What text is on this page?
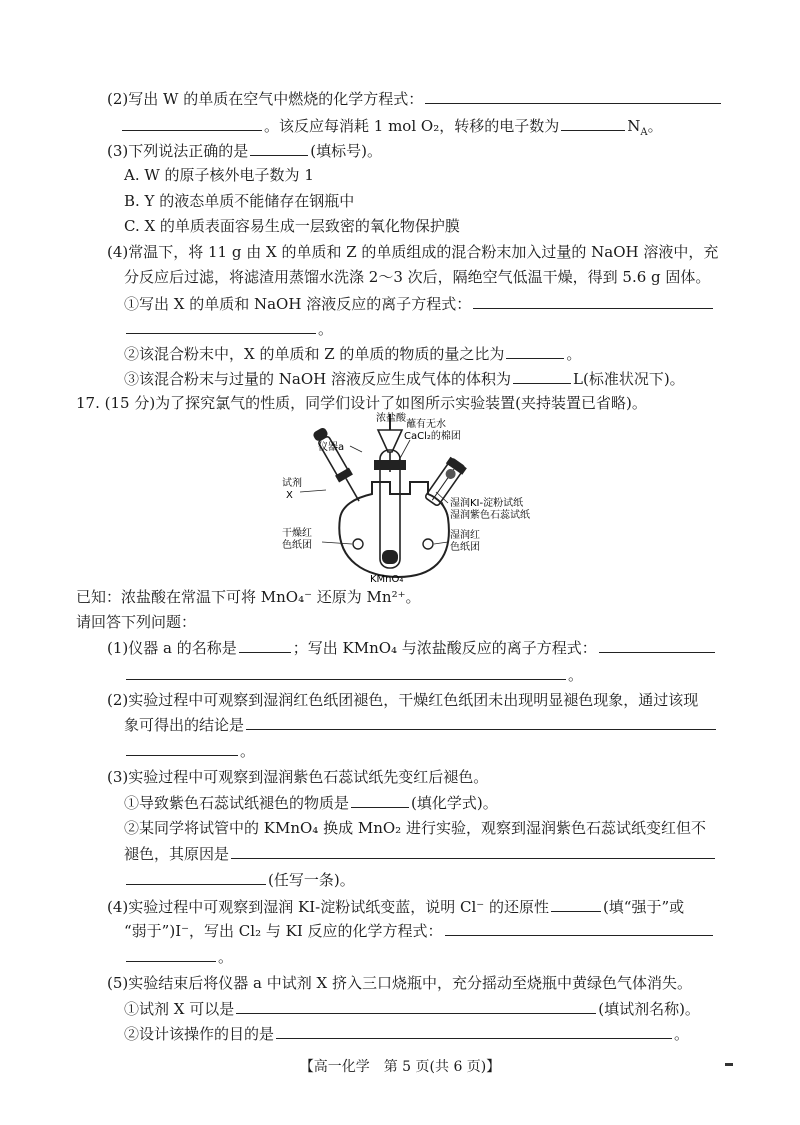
(2)写出 W 的单质在空气中燃烧的化学方程式：
。该反应每消耗 1 mol O₂，转移的电子数为	$N_A$。
(3)下列说法正确的是	(填标号)。
A. W 的原子核外电子数为 1
B. Y 的液态单质不能储存在钢瓶中
C. X 的单质表面容易生成一层致密的氧化物保护膜
(4)常温下，将 11 g 由 X 的单质和 Z 的单质组成的混合粉末加入过量的 NaOH 溶液中，充
分反应后过滤，将滤渣用蒸馏水洗涤 2～3 次后，隔绝空气低温干燥，得到 5.6 g 固体。
①写出 X 的单质和 NaOH 溶液反应的离子方程式：
。
②该混合粉末中，X 的单质和 Z 的单质的物质的量之比为	。
③该混合粉末与过量的 NaOH 溶液反应生成气体的体积为	L(标准状况下)。
17. (15 分)为了探究氯气的性质，同学们设计了如图所示实验装置(夹持装置已省略)。
浓盐酸
仪器a
蘸有无水
CaCl₂的棉团
试剂
X
湿润KI-淀粉试纸
湿润紫色石蕊试纸
干燥红
色纸团
湿润红
色纸团
KMnO₄
已知：浓盐酸在常温下可将 MnO₄⁻ 还原为 Mn²⁺。
请回答下列问题：
(1)仪器 a 的名称是	；写出 KMnO₄ 与浓盐酸反应的离子方程式：
。
(2)实验过程中可观察到湿润红色纸团褪色，干燥红色纸团未出现明显褪色现象，通过该现
象可得出的结论是
。
(3)实验过程中可观察到湿润紫色石蕊试纸先变红后褪色。
①导致紫色石蕊试纸褪色的物质是	(填化学式)。
②某同学将试管中的 KMnO₄ 换成 MnO₂ 进行实验，观察到湿润紫色石蕊试纸变红但不
褪色，其原因是
(任写一条)。
(4)实验过程中可观察到湿润 KI-淀粉试纸变蓝，说明 Cl⁻ 的还原性	(填“强于”或
“弱于”)I⁻，写出 Cl₂ 与 KI 反应的化学方程式：
。
(5)实验结束后将仪器 a 中试剂 X 挤入三口烧瓶中，充分摇动至烧瓶中黄绿色气体消失。
①试剂 X 可以是	(填试剂名称)。
②设计该操作的目的是	。
【高一化学　第 5 页(共 6 页)】
